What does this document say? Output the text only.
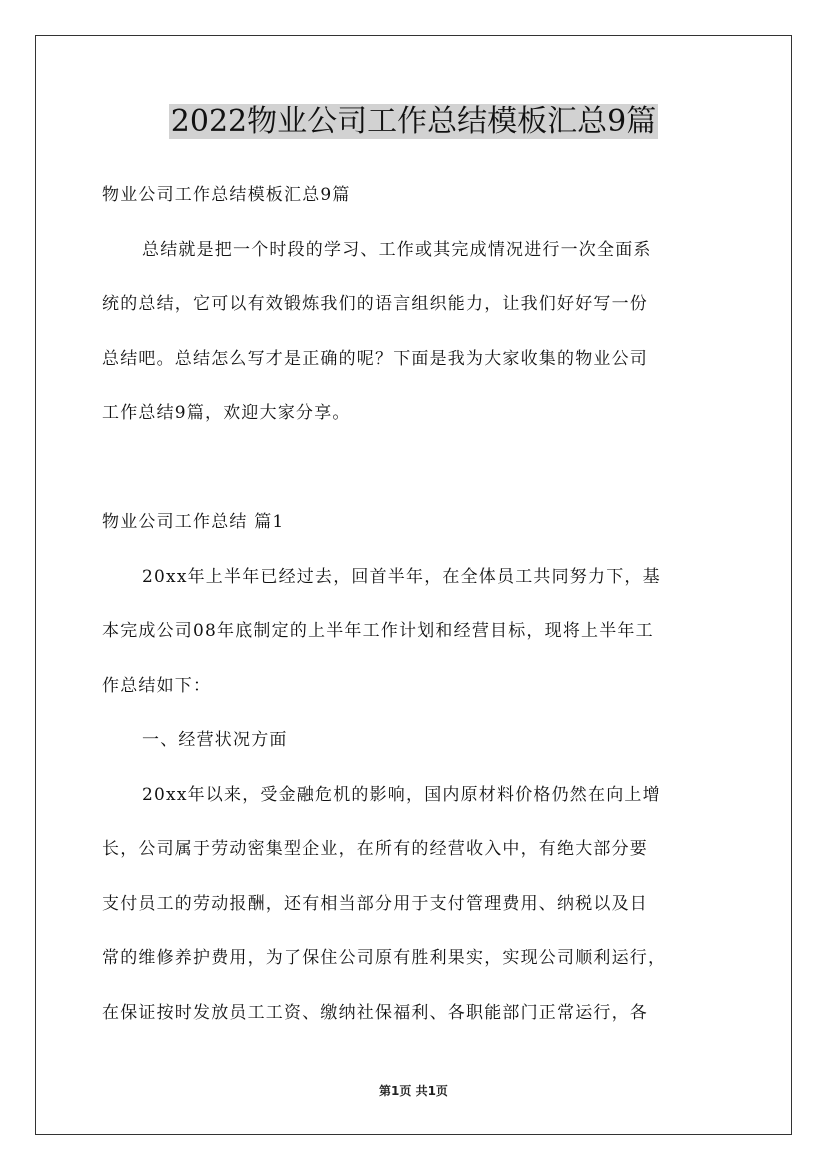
2022物业公司工作总结模板汇总9篇

物业公司工作总结模板汇总9篇

总结就是把一个时段的学习、工作或其完成情况进行一次全面系

统的总结，它可以有效锻炼我们的语言组织能力，让我们好好写一份

总结吧。总结怎么写才是正确的呢？下面是我为大家收集的物业公司

工作总结9篇，欢迎大家分享。

物业公司工作总结 篇1

20xx年上半年已经过去，回首半年，在全体员工共同努力下，基

本完成公司08年底制定的上半年工作计划和经营目标，现将上半年工

作总结如下：

一、经营状况方面

20xx年以来，受金融危机的影响，国内原材料价格仍然在向上增

长，公司属于劳动密集型企业，在所有的经营收入中，有绝大部分要

支付员工的劳动报酬，还有相当部分用于支付管理费用、纳税以及日

常的维修养护费用，为了保住公司原有胜利果实，实现公司顺利运行，

在保证按时发放员工工资、缴纳社保福利、各职能部门正常运行，各

第1页 共1页
